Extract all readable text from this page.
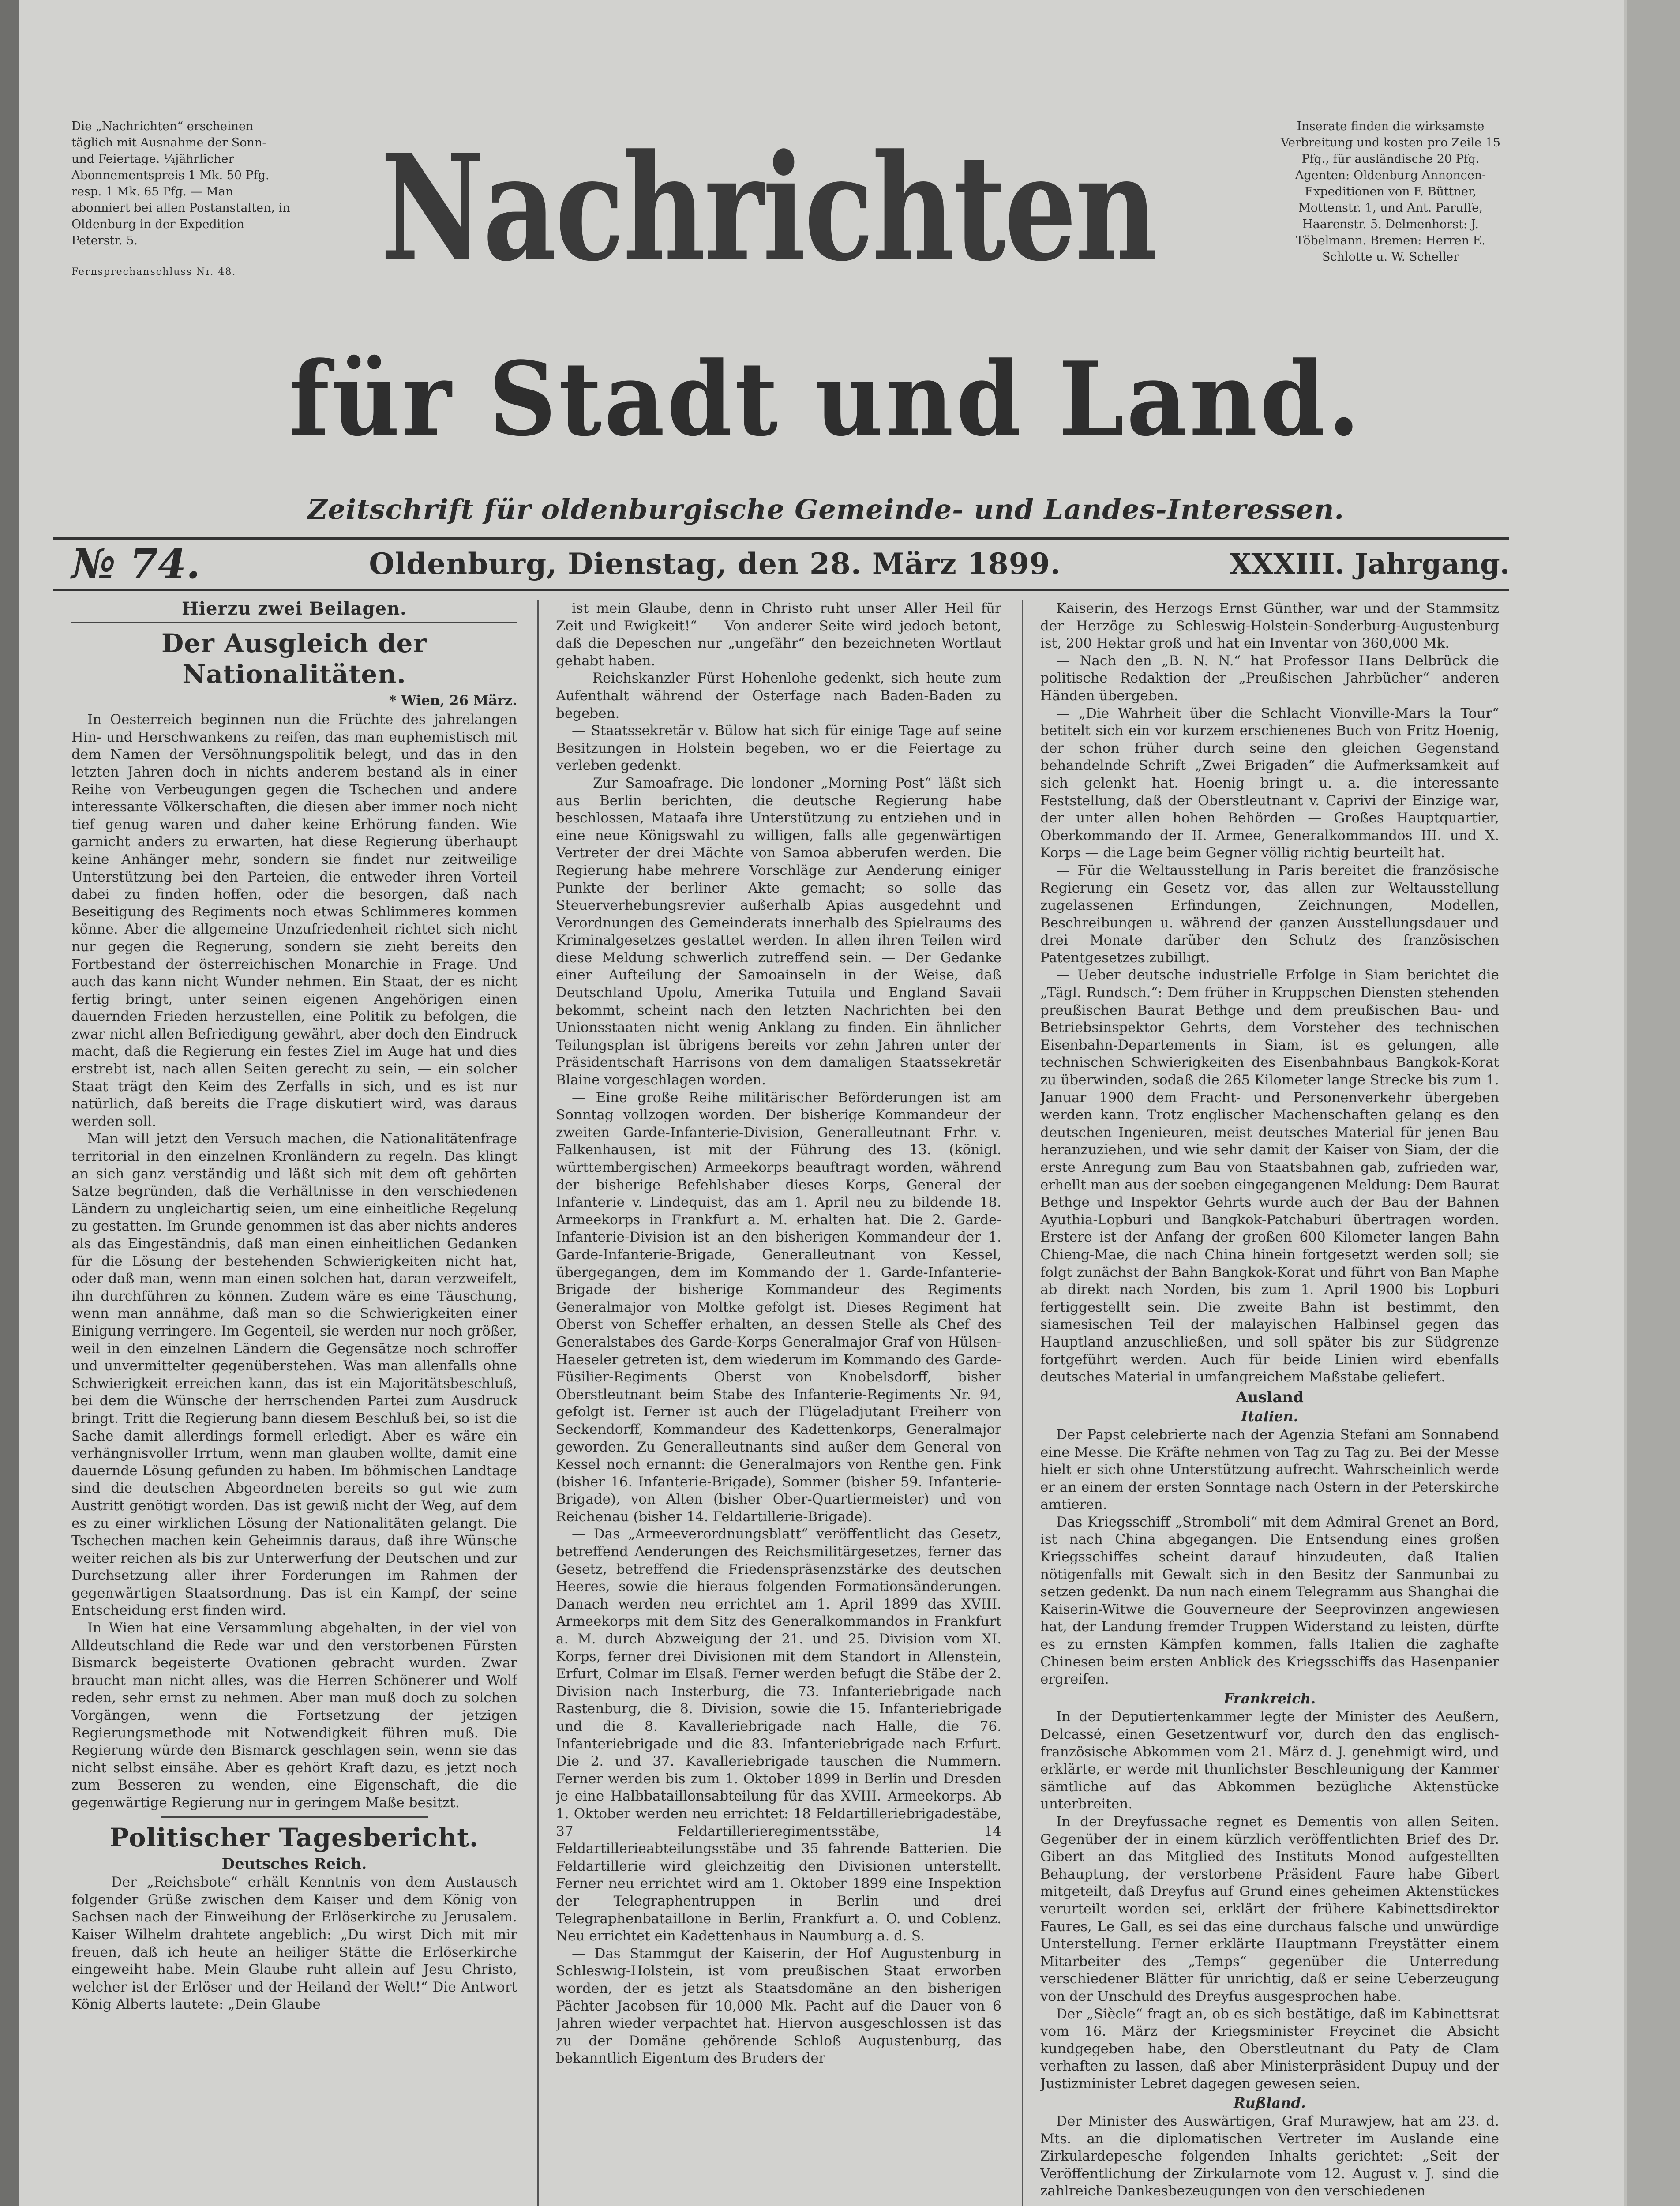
Die „Nachrichten“ erscheinen täglich mit Ausnahme der Sonn- und Feiertage. ¼jährlicher Abonnementspreis 1 Mk. 50 Pfg. resp. 1 Mk. 65 Pfg. — Man abonniert bei allen Postanstalten, in Oldenburg in der Expedition Peterstr. 5.
Fernsprechanschluss Nr. 48. Nachrichten
für Stadt und Land.
Inserate finden die wirksamste Verbreitung und kosten pro Zeile 15 Pfg., für ausländische 20 Pfg. Agenten: Oldenburg Annoncen-Expeditionen von F. Büttner, Mottenstr. 1, und Ant. Paruffe, Haarenstr. 5. Delmenhorst: J. Töbelmann. Bremen: Herren E. Schlotte u. W. Scheller
Zeitschrift für oldenburgische Gemeinde- und Landes-Interessen.
№ 74.	Oldenburg, Dienstag, den 28. März 1899.	XXXIII. Jahrgang.
Hierzu zwei Beilagen.
Der Ausgleich der Nationalitäten.

* Wien, 26 März.

In Oesterreich beginnen nun die Früchte des jahrelangen Hin- und Herschwankens zu reifen, das man euphemistisch mit dem Namen der Versöhnungspolitik belegt, und das in den letzten Jahren doch in nichts anderem bestand als in einer Reihe von Verbeugungen gegen die Tschechen und andere interessante Völkerschaften, die diesen aber immer noch nicht tief genug waren und daher keine Erhörung fanden. Wie garnicht anders zu erwarten, hat diese Regierung überhaupt keine Anhänger mehr, sondern sie findet nur zeitweilige Unterstützung bei den Parteien, die entweder ihren Vorteil dabei zu finden hoffen, oder die besorgen, daß nach Beseitigung des Regiments noch etwas Schlimmeres kommen könne. Aber die allgemeine Unzufriedenheit richtet sich nicht nur gegen die Regierung, sondern sie zieht bereits den Fortbestand der österreichischen Monarchie in Frage. Und auch das kann nicht Wunder nehmen. Ein Staat, der es nicht fertig bringt, unter seinen eigenen Angehörigen einen dauernden Frieden herzustellen, eine Politik zu befolgen, die zwar nicht allen Befriedigung gewährt, aber doch den Eindruck macht, daß die Regierung ein festes Ziel im Auge hat und dies erstrebt ist, nach allen Seiten gerecht zu sein, — ein solcher Staat trägt den Keim des Zerfalls in sich, und es ist nur natürlich, daß bereits die Frage diskutiert wird, was daraus werden soll.

Man will jetzt den Versuch machen, die Nationalitätenfrage territorial in den einzelnen Kronländern zu regeln. Das klingt an sich ganz verständig und läßt sich mit dem oft gehörten Satze begründen, daß die Verhältnisse in den verschiedenen Ländern zu ungleichartig seien, um eine einheitliche Regelung zu gestatten. Im Grunde genommen ist das aber nichts anderes als das Eingeständnis, daß man einen einheitlichen Gedanken für die Lösung der bestehenden Schwierigkeiten nicht hat, oder daß man, wenn man einen solchen hat, daran verzweifelt, ihn durchführen zu können. Zudem wäre es eine Täuschung, wenn man annähme, daß man so die Schwierigkeiten einer Einigung verringere. Im Gegenteil, sie werden nur noch größer, weil in den einzelnen Ländern die Gegensätze noch schroffer und unvermittelter gegenüberstehen. Was man allenfalls ohne Schwierigkeit erreichen kann, das ist ein Majoritätsbeschluß, bei dem die Wünsche der herrschenden Partei zum Ausdruck bringt. Tritt die Regierung bann diesem Beschluß bei, so ist die Sache damit allerdings formell erledigt. Aber es wäre ein verhängnisvoller Irrtum, wenn man glauben wollte, damit eine dauernde Lösung gefunden zu haben. Im böhmischen Landtage sind die deutschen Abgeordneten bereits so gut wie zum Austritt genötigt worden. Das ist gewiß nicht der Weg, auf dem es zu einer wirklichen Lösung der Nationalitäten gelangt. Die Tschechen machen kein Geheimnis daraus, daß ihre Wünsche weiter reichen als bis zur Unterwerfung der Deutschen und zur Durchsetzung aller ihrer Forderungen im Rahmen der gegenwärtigen Staatsordnung. Das ist ein Kampf, der seine Entscheidung erst finden wird.

In Wien hat eine Versammlung abgehalten, in der viel von Alldeutschland die Rede war und den verstorbenen Fürsten Bismarck begeisterte Ovationen gebracht wurden. Zwar braucht man nicht alles, was die Herren Schönerer und Wolf reden, sehr ernst zu nehmen. Aber man muß doch zu solchen Vorgängen, wenn die Fortsetzung der jetzigen Regierungsmethode mit Notwendigkeit führen muß. Die Regierung würde den Bismarck geschlagen sein, wenn sie das nicht selbst einsähe. Aber es gehört Kraft dazu, es jetzt noch zum Besseren zu wenden, eine Eigenschaft, die die gegenwärtige Regierung nur in geringem Maße besitzt.

Politischer Tagesbericht.
Deutsches Reich.

— Der „Reichsbote“ erhält Kenntnis von dem Austausch folgender Grüße zwischen dem Kaiser und dem König von Sachsen nach der Einweihung der Erlöserkirche zu Jerusalem. Kaiser Wilhelm drahtete angeblich: „Du wirst Dich mit mir freuen, daß ich heute an heiliger Stätte die Erlöserkirche eingeweiht habe. Mein Glaube ruht allein auf Jesu Christo, welcher ist der Erlöser und der Heiland der Welt!“ Die Antwort König Alberts lautete: „Dein Glaube

ist mein Glaube, denn in Christo ruht unser Aller Heil für Zeit und Ewigkeit!“ — Von anderer Seite wird jedoch betont, daß die Depeschen nur „ungefähr“ den bezeichneten Wortlaut gehabt haben.

— Reichskanzler Fürst Hohenlohe gedenkt, sich heute zum Aufenthalt während der Osterfage nach Baden-Baden zu begeben.

— Staatssekretär v. Bülow hat sich für einige Tage auf seine Besitzungen in Holstein begeben, wo er die Feiertage zu verleben gedenkt.

— Zur Samoafrage. Die londoner „Morning Post“ läßt sich aus Berlin berichten, die deutsche Regierung habe beschlossen, Mataafa ihre Unterstützung zu entziehen und in eine neue Königswahl zu willigen, falls alle gegenwärtigen Vertreter der drei Mächte von Samoa abberufen werden. Die Regierung habe mehrere Vorschläge zur Aenderung einiger Punkte der berliner Akte gemacht; so solle das Steuerverhebungsrevier außerhalb Apias ausgedehnt und Verordnungen des Gemeinderats innerhalb des Spielraums des Kriminalgesetzes gestattet werden. In allen ihren Teilen wird diese Meldung schwerlich zutreffend sein. — Der Gedanke einer Aufteilung der Samoainseln in der Weise, daß Deutschland Upolu, Amerika Tutuila und England Savaii bekommt, scheint nach den letzten Nachrichten bei den Unionsstaaten nicht wenig Anklang zu finden. Ein ähnlicher Teilungsplan ist übrigens bereits vor zehn Jahren unter der Präsidentschaft Harrisons von dem damaligen Staatssekretär Blaine vorgeschlagen worden.

— Eine große Reihe militärischer Beförderungen ist am Sonntag vollzogen worden. Der bisherige Kommandeur der zweiten Garde-Infanterie-Division, Generalleutnant Frhr. v. Falkenhausen, ist mit der Führung des 13. (königl. württembergischen) Armeekorps beauftragt worden, während der bisherige Befehlshaber dieses Korps, General der Infanterie v. Lindequist, das am 1. April neu zu bildende 18. Armeekorps in Frankfurt a. M. erhalten hat. Die 2. Garde-Infanterie-Division ist an den bisherigen Kommandeur der 1. Garde-Infanterie-Brigade, Generalleutnant von Kessel, übergegangen, dem im Kommando der 1. Garde-Infanterie-Brigade der bisherige Kommandeur des Regiments Generalmajor von Moltke gefolgt ist. Dieses Regiment hat Oberst von Scheffer erhalten, an dessen Stelle als Chef des Generalstabes des Garde-Korps Generalmajor Graf von Hülsen-Haeseler getreten ist, dem wiederum im Kommando des Garde-Füsilier-Regiments Oberst von Knobelsdorff, bisher Oberstleutnant beim Stabe des Infanterie-Regiments Nr. 94, gefolgt ist. Ferner ist auch der Flügeladjutant Freiherr von Seckendorff, Kommandeur des Kadettenkorps, Generalmajor geworden. Zu Generalleutnants sind außer dem General von Kessel noch ernannt: die Generalmajors von Renthe gen. Fink (bisher 16. Infanterie-Brigade), Sommer (bisher 59. Infanterie-Brigade), von Alten (bisher Ober-Quartiermeister) und von Reichenau (bisher 14. Feldartillerie-Brigade).

— Das „Armeeverordnungsblatt“ veröffentlicht das Gesetz, betreffend Aenderungen des Reichsmilitärgesetzes, ferner das Gesetz, betreffend die Friedenspräsenzstärke des deutschen Heeres, sowie die hieraus folgenden Formationsänderungen. Danach werden neu errichtet am 1. April 1899 das XVIII. Armeekorps mit dem Sitz des Generalkommandos in Frankfurt a. M. durch Abzweigung der 21. und 25. Division vom XI. Korps, ferner drei Divisionen mit dem Standort in Allenstein, Erfurt, Colmar im Elsaß. Ferner werden befugt die Stäbe der 2. Division nach Insterburg, die 73. Infanteriebrigade nach Rastenburg, die 8. Division, sowie die 15. Infanteriebrigade und die 8. Kavalleriebrigade nach Halle, die 76. Infanteriebrigade und die 83. Infanteriebrigade nach Erfurt. Die 2. und 37. Kavalleriebrigade tauschen die Nummern. Ferner werden bis zum 1. Oktober 1899 in Berlin und Dresden je eine Halbbataillonsabteilung für das XVIII. Armeekorps. Ab 1. Oktober werden neu errichtet: 18 Feldartilleriebrigadestäbe, 37 Feldartillerieregimentsstäbe, 14 Feldartillerieabteilungsstäbe und 35 fahrende Batterien. Die Feldartillerie wird gleichzeitig den Divisionen unterstellt. Ferner neu errichtet wird am 1. Oktober 1899 eine Inspektion der Telegraphentruppen in Berlin und drei Telegraphenbataillone in Berlin, Frankfurt a. O. und Coblenz. Neu errichtet ein Kadettenhaus in Naumburg a. d. S.

— Das Stammgut der Kaiserin, der Hof Augustenburg in Schleswig-Holstein, ist vom preußischen Staat erworben worden, der es jetzt als Staatsdomäne an den bisherigen Pächter Jacobsen für 10,000 Mk. Pacht auf die Dauer von 6 Jahren wieder verpachtet hat. Hiervon ausgeschlossen ist das zu der Domäne gehörende Schloß Augustenburg, das bekanntlich Eigentum des Bruders der

Kaiserin, des Herzogs Ernst Günther, war und der Stammsitz der Herzöge zu Schleswig-Holstein-Sonderburg-Augustenburg ist, 200 Hektar groß und hat ein Inventar von 360,000 Mk.

— Nach den „B. N. N.“ hat Professor Hans Delbrück die politische Redaktion der „Preußischen Jahrbücher“ anderen Händen übergeben.

— „Die Wahrheit über die Schlacht Vionville-Mars la Tour“ betitelt sich ein vor kurzem erschienenes Buch von Fritz Hoenig, der schon früher durch seine den gleichen Gegenstand behandelnde Schrift „Zwei Brigaden“ die Aufmerksamkeit auf sich gelenkt hat. Hoenig bringt u. a. die interessante Feststellung, daß der Oberstleutnant v. Caprivi der Einzige war, der unter allen hohen Behörden — Großes Hauptquartier, Oberkommando der II. Armee, Generalkommandos III. und X. Korps — die Lage beim Gegner völlig richtig beurteilt hat.

— Für die Weltausstellung in Paris bereitet die französische Regierung ein Gesetz vor, das allen zur Weltausstellung zugelassenen Erfindungen, Zeichnungen, Modellen, Beschreibungen u. während der ganzen Ausstellungsdauer und drei Monate darüber den Schutz des französischen Patentgesetzes zubilligt.

— Ueber deutsche industrielle Erfolge in Siam berichtet die „Tägl. Rundsch.“: Dem früher in Kruppschen Diensten stehenden preußischen Baurat Bethge und dem preußischen Bau- und Betriebsinspektor Gehrts, dem Vorsteher des technischen Eisenbahn-Departements in Siam, ist es gelungen, alle technischen Schwierigkeiten des Eisenbahnbaus Bangkok-Korat zu überwinden, sodaß die 265 Kilometer lange Strecke bis zum 1. Januar 1900 dem Fracht- und Personenverkehr übergeben werden kann. Trotz englischer Machenschaften gelang es den deutschen Ingenieuren, meist deutsches Material für jenen Bau heranzuziehen, und wie sehr damit der Kaiser von Siam, der die erste Anregung zum Bau von Staatsbahnen gab, zufrieden war, erhellt man aus der soeben eingegangenen Meldung: Dem Baurat Bethge und Inspektor Gehrts wurde auch der Bau der Bahnen Ayuthia-Lopburi und Bangkok-Patchaburi übertragen worden. Erstere ist der Anfang der großen 600 Kilometer langen Bahn Chieng-Mae, die nach China hinein fortgesetzt werden soll; sie folgt zunächst der Bahn Bangkok-Korat und führt von Ban Maphe ab direkt nach Norden, bis zum 1. April 1900 bis Lopburi fertiggestellt sein. Die zweite Bahn ist bestimmt, den siamesischen Teil der malayischen Halbinsel gegen das Hauptland anzuschließen, und soll später bis zur Südgrenze fortgeführt werden. Auch für beide Linien wird ebenfalls deutsches Material in umfangreichem Maßstabe geliefert.

Ausland
Italien.

Der Papst celebrierte nach der Agenzia Stefani am Sonnabend eine Messe. Die Kräfte nehmen von Tag zu Tag zu. Bei der Messe hielt er sich ohne Unterstützung aufrecht. Wahrscheinlich werde er an einem der ersten Sonntage nach Ostern in der Peterskirche amtieren.

Das Kriegsschiff „Stromboli“ mit dem Admiral Grenet an Bord, ist nach China abgegangen. Die Entsendung eines großen Kriegsschiffes scheint darauf hinzudeuten, daß Italien nötigenfalls mit Gewalt sich in den Besitz der Sanmunbai zu setzen gedenkt. Da nun nach einem Telegramm aus Shanghai die Kaiserin-Witwe die Gouverneure der Seeprovinzen angewiesen hat, der Landung fremder Truppen Widerstand zu leisten, dürfte es zu ernsten Kämpfen kommen, falls Italien die zaghafte Chinesen beim ersten Anblick des Kriegsschiffs das Hasenpanier ergreifen.

Frankreich.

In der Deputiertenkammer legte der Minister des Aeußern, Delcassé, einen Gesetzentwurf vor, durch den das englisch-französische Abkommen vom 21. März d. J. genehmigt wird, und erklärte, er werde mit thunlichster Beschleunigung der Kammer sämtliche auf das Abkommen bezügliche Aktenstücke unterbreiten.

In der Dreyfussache regnet es Dementis von allen Seiten. Gegenüber der in einem kürzlich veröffentlichten Brief des Dr. Gibert an das Mitglied des Instituts Monod aufgestellten Behauptung, der verstorbene Präsident Faure habe Gibert mitgeteilt, daß Dreyfus auf Grund eines geheimen Aktenstückes verurteilt worden sei, erklärt der frühere Kabinettsdirektor Faures, Le Gall, es sei das eine durchaus falsche und unwürdige Unterstellung. Ferner erklärte Hauptmann Freystätter einem Mitarbeiter des „Temps“ gegenüber die Unterredung verschiedener Blätter für unrichtig, daß er seine Ueberzeugung von der Unschuld des Dreyfus ausgesprochen habe.

Der „Siècle“ fragt an, ob es sich bestätige, daß im Kabinettsrat vom 16. März der Kriegsminister Freycinet die Absicht kundgegeben habe, den Oberstleutnant du Paty de Clam verhaften zu lassen, daß aber Ministerpräsident Dupuy und der Justizminister Lebret dagegen gewesen seien.

Rußland.

Der Minister des Auswärtigen, Graf Murawjew, hat am 23. d. Mts. an die diplomatischen Vertreter im Auslande eine Zirkulardepesche folgenden Inhalts gerichtet: „Seit der Veröffentlichung der Zirkularnote vom 12. August v. J. sind die zahlreiche Dankesbezeugungen von den verschiedenen
